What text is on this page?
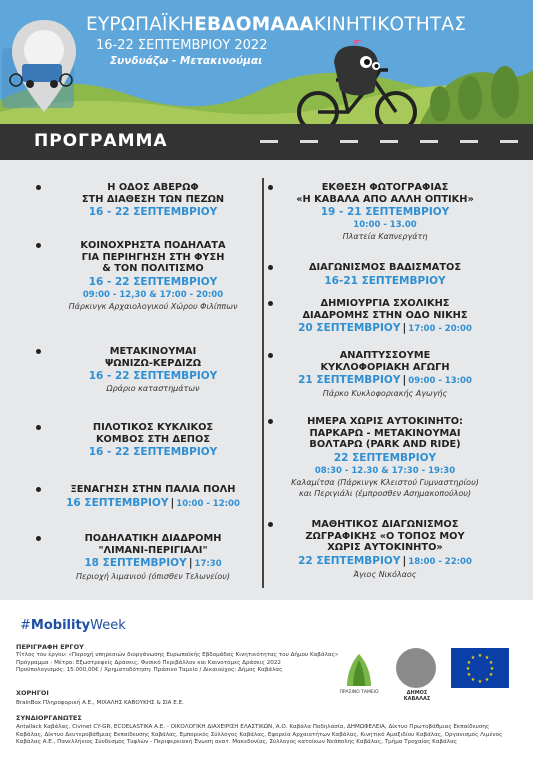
ΕΥΡΩΠΑΪΚΗΕΒΔΟΜΑΔΑΚΙΝΗΤΙΚΟΤΗΤΑΣ
16-22 ΣΕΠΤΕΜΒΡΙΟΥ 2022
Συνδυάζω - Μετακινούμαι
ΠΡΟΓΡΑΜΜΑ
Η ΟΔΟΣ ΑΒΕΡΩΦ
ΣΤΗ ΔΙΑΘΕΣΗ ΤΩΝ ΠΕΖΩΝ
16 - 22 ΣΕΠΤΕΜΒΡΙΟΥ
ΚΟΙΝΟΧΡΗΣΤΑ ΠΟΔΗΛΑΤΑ
ΓΙΑ ΠΕΡΙΗΓΗΣΗ ΣΤΗ ΦΥΣΗ
& ΤΟΝ ΠΟΛΙΤΙΣΜΟ
16 - 22 ΣΕΠΤΕΜΒΡΙΟΥ
09:00 - 12,30 & 17:00 - 20:00
Πάρκινγκ Αρχαιολογικού Χώρου Φιλίππων
ΜΕΤΑΚΙΝΟΥΜΑΙ
ΨΩΝΙΖΩ-ΚΕΡΔΙΖΩ
16 - 22 ΣΕΠΤΕΜΒΡΙΟΥ
Ωράριο καταστημάτων
ΠΙΛΟΤΙΚΟΣ ΚΥΚΛΙΚΟΣ
ΚΟΜΒΟΣ ΣΤΗ ΔΕΠΟΣ
16 - 22 ΣΕΠΤΕΜΒΡΙΟΥ
ΞΕΝΑΓΗΣΗ ΣΤΗΝ ΠΑΛΙΑ ΠΟΛΗ
16 ΣΕΠΤΕΜΒΡΙΟΥ | 10:00 - 12:00
ΠΟΔΗΛΑΤΙΚΗ ΔΙΑΔΡΟΜΗ
"ΛΙΜΑΝΙ-ΠΕΡΙΓΙΑΛΙ"
18 ΣΕΠΤΕΜΒΡΙΟΥ | 17:30
Περιοχή λιμανιού (όπισθεν Τελωνείου)
ΕΚΘΕΣΗ ΦΩΤΟΓΡΑΦΙΑΣ
«Η ΚΑΒΑΛΑ ΑΠΟ ΑΛΛΗ ΟΠΤΙΚΗ»
19 - 21 ΣΕΠΤΕΜΒΡΙΟΥ
10:00 - 13.00
Πλατεία Καπνεργάτη
ΔΙΑΓΩΝΙΣΜΟΣ ΒΑΔΙΣΜΑΤΟΣ
16-21 ΣΕΠΤΕΜΒΡΙΟΥ
ΔΗΜΙΟΥΡΓΙΑ ΣΧΟΛΙΚΗΣ
ΔΙΑΔΡΟΜΗΣ ΣΤΗΝ ΟΔΟ ΝΙΚΗΣ
20 ΣΕΠΤΕΜΒΡΙΟΥ | 17:00 - 20:00
ΑΝΑΠΤΥΣΣΟΥΜΕ
ΚΥΚΛΟΦΟΡΙΑΚΗ ΑΓΩΓΗ
21 ΣΕΠΤΕΜΒΡΙΟΥ | 09:00 - 13:00
Πάρκο Κυκλοφοριακής Αγωγής
ΗΜΕΡΑ ΧΩΡΙΣ ΑΥΤΟΚΙΝΗΤΟ:
ΠΑΡΚΑΡΩ - ΜΕΤΑΚΙΝΟΥΜΑΙ
ΒΟΛΤΑΡΩ (PARK AND RIDE)
22 ΣΕΠΤΕΜΒΡΙΟΥ
08:30 - 12.30 & 17:30 - 19:30
Καλαμίτσα (Πάρκινγκ Κλειστού Γυμναστηρίου)
και Περιγιάλι (έμπροσθεν Ασημακοπούλου)
ΜΑΘΗΤΙΚΟΣ ΔΙΑΓΩΝΙΣΜΟΣ
ΖΩΓΡΑΦΙΚΗΣ «Ο ΤΟΠΟΣ ΜΟΥ
ΧΩΡΙΣ ΑΥΤΟΚΙΝΗΤΟ»
22 ΣΕΠΤΕΜΒΡΙΟΥ | 18:00 - 22:00
Άγιος Νικόλαος
#MobilityWeek
ΠΕΡΙΓΡΑΦΗ ΕΡΓΟΥ
Τίτλος του έργου: «Παροχή υπηρεσιών διοργάνωσης Ευρωπαϊκής Εβδομάδας Κινητικότητας του Δήμου Καβάλας»
Πρόγραμμα - Μέτρο: Εξωστρεφείς Δράσεις, Φυσικό Περιβάλλον και Καινοτόμες Δράσεις 2022
Προϋπολογισμός: 15.000,00€ / Χρηματοδότηση: Πράσινο Ταμείο / Δικαιούχος: Δήμος Καβάλας
ΧΟΡΗΓΟΙ
BrainBox Πληροφορική Α.Ε., ΜΙΧΑΛΗΣ ΚΑΒΟΥΚΗΣ & ΣΙΑ Ε.Ε.
ΣΥΝΔΙΟΡΓΑΝΩΤΕΣ
Antallack Καβάλας, Civinet CY-GR, ECOELASTIKA Α.Ε. - ΟΙΚΟΛΟΓΙΚΗ ΔΙΑΧΕΙΡΙΣΗ ΕΛΑΣΤΙΚΩΝ, Α.Ο. Καβάλα Ποδηλασία, ΔΗΜΩΦΕΛΕΙΑ, Δίκτυο Πρωτοβάθμιας Εκπαίδευσης
Καβάλας, Δίκτυο Δευτεροβάθμιας Εκπαίδευσης Καβάλας, Εμπορικός Σύλλογος Καβάλας, Εφορεία Αρχαιοτήτων Καβάλας, Κινητικό Αμαξιδίου Καβάλας, Οργανισμός Λιμένος
Καβάλας Α.Ε., Πανελλήνιος Σύνδεσμος Τυφλών - Περιφερειακή Ένωση ανατ. Μακεδονίας, Σύλλογος κατοίκων Νεάπολης Καβάλας, Τμήμα Τροχαίας Καβάλας
ΠΡΑΣΙΝΟ ΤΑΜΕΙΟ	ΔΗΜΟΣ ΚΑΒΑΛΑΣ
★ ★
★
★
★
★
★
★
★
★
★
★
